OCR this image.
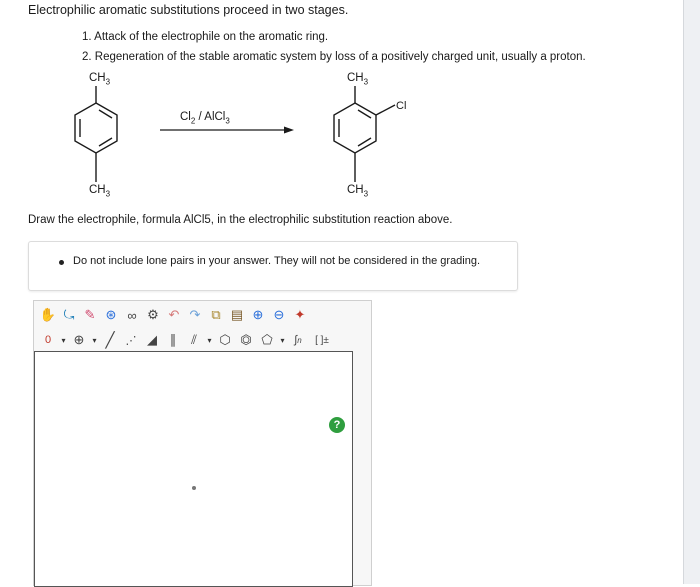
Electrophilic aromatic substitutions proceed in two stages.
1. Attack of the electrophile on the aromatic ring.
2. Regeneration of the stable aromatic system by loss of a positively charged unit, usually a proton.
$CH_3$
$CH_3$
$Cl_2$ / AlCl$_3$
$CH_3$
$CH_3$
Cl
Draw the electrophile, formula AlCl5, in the electrophilic substitution reaction above.
Do not include lone pairs in your answer. They will not be considered in the grading.
✋ ⤿ ✎ ⊛ ∞ ⚙ ↶ ↷ ⧉ ▤ ⊕ ⊖ ✦
0	▾ ⊕	▾ ╱ ⋰ ◢ ∥	⫽	▾ ⬡ ⏣ ⬠ ▾ ∫ n	[ ]±
?
